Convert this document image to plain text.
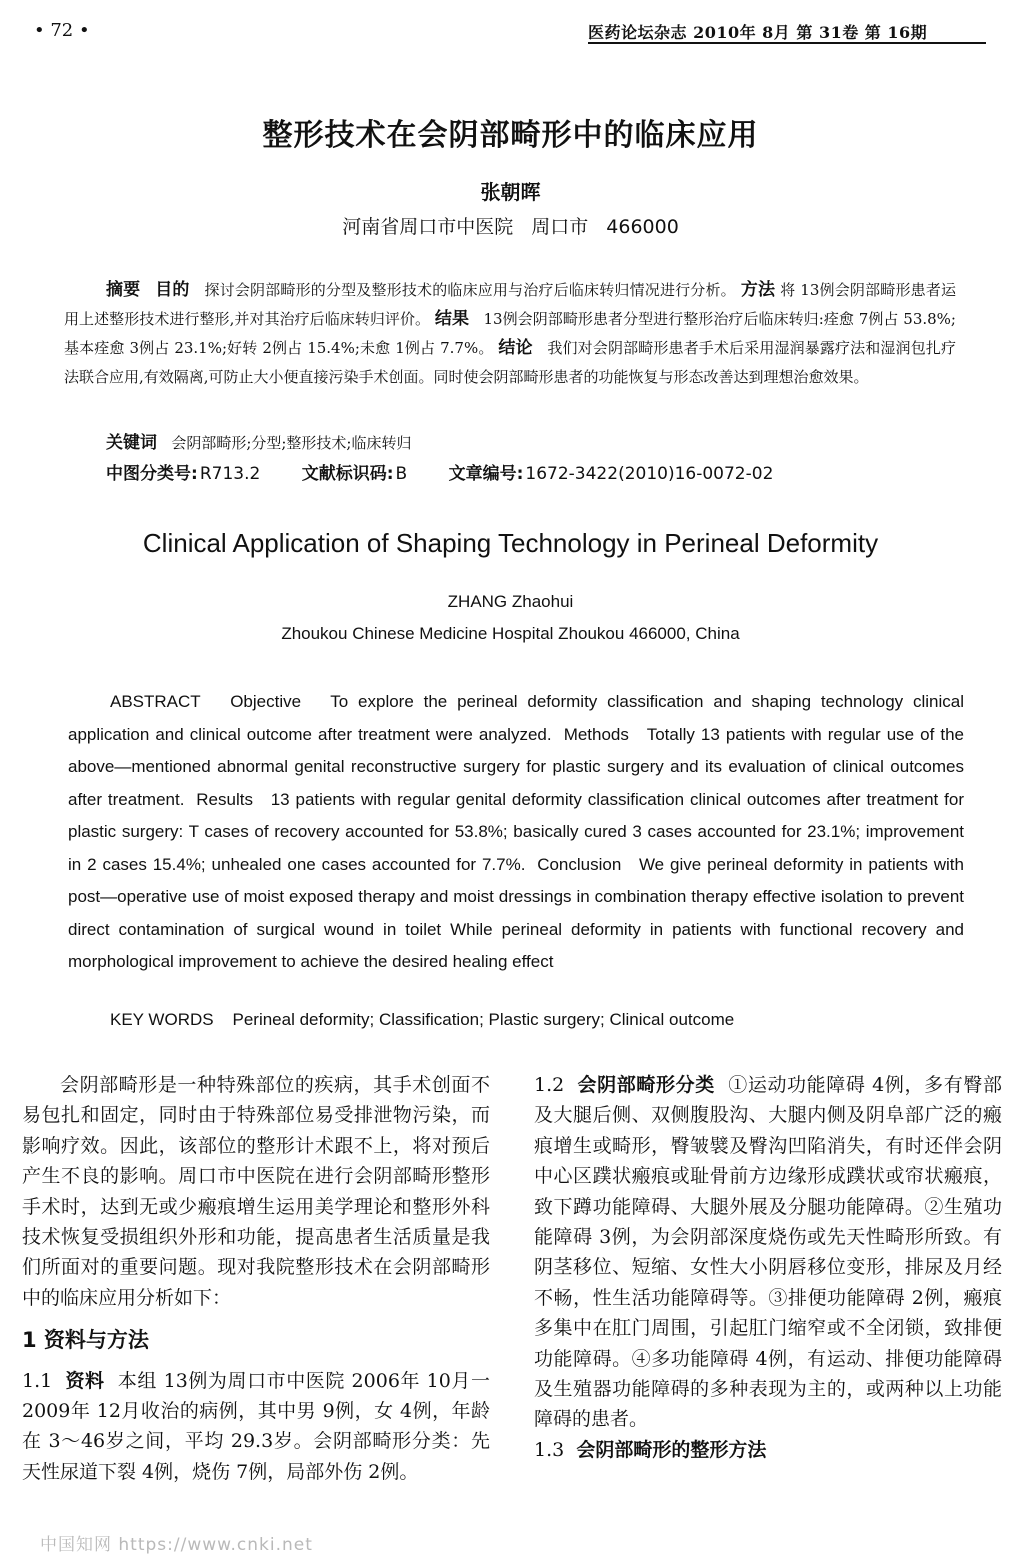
• 72 •	医药论坛杂志 2010年 8月 第 31卷 第 16期
整形技术在会阴部畸形中的临床应用
张朝晖
河南省周口市中医院 周口市 466000
摘要 目的 探讨会阴部畸形的分型及整形技术的临床应用与治疗后临床转归情况进行分析。 方法 将 13例会阴部畸形患者运用上述整形技术进行整形,并对其治疗后临床转归评价。 结果 13例会阴部畸形患者分型进行整形治疗后临床转归:痊愈 7例占 53.8%;基本痊愈 3例占 23.1%;好转 2例占 15.4%;未愈 1例占 7.7%。 结论 我们对会阴部畸形患者手术后采用湿润暴露疗法和湿润包扎疗法联合应用,有效隔离,可防止大小便直接污染手术创面。同时使会阴部畸形患者的功能恢复与形态改善达到理想治愈效果。
关键词 会阴部畸形;分型;整形技术;临床转归
中图分类号: R713.2 文献标识码: B 文章编号: 1672-3422(2010)16-0072-02
Clinical Application of Shaping Technology in Perineal Deformity
ZHANG Zhaohui
Zhoukou Chinese Medicine Hospital Zhoukou 466000, China
ABSTRACT Objective To explore the perineal deformity classification and shaping technology clinical application and clinical outcome after treatment were analyzed. Methods Totally 13 patients with regular use of the above—mentioned abnormal genital reconstructive surgery for plastic surgery and its evaluation of clinical outcomes after treatment. Results 13 patients with regular genital deformity classification clinical outcomes after treatment for plastic surgery: T cases of recovery accounted for 53.8%; basically cured 3 cases accounted for 23.1%; improvement in 2 cases 15.4%; unhealed one cases accounted for 7.7%. Conclusion We give perineal deformity in patients with post—operative use of moist exposed therapy and moist dressings in combination therapy effective isolation to prevent direct contamination of surgical wound in toilet While perineal deformity in patients with functional recovery and morphological improvement to achieve the desired healing effect
KEY WORDS Perineal deformity; Classification; Plastic surgery; Clinical outcome
会阴部畸形是一种特殊部位的疾病，其手术创面不易包扎和固定，同时由于特殊部位易受排泄物污染，而影响疗效。因此，该部位的整形计术跟不上，将对预后产生不良的影响。周口市中医院在进行会阴部畸形整形手术时，达到无或少瘢痕增生运用美学理论和整形外科技术恢复受损组织外形和功能，提高患者生活质量是我们所面对的重要问题。现对我院整形技术在会阴部畸形中的临床应用分析如下：
1 资料与方法
1.1 资料 本组 13例为周口市中医院 2006年 10月一 2009年 12月收治的病例，其中男 9例，女 4例，年龄在 3～46岁之间，平均 29.3岁。会阴部畸形分类：先天性尿道下裂 4例，烧伤 7例，局部外伤 2例。
1.2 会阴部畸形分类 ①运动功能障碍 4例，多有臀部及大腿后侧、双侧腹股沟、大腿内侧及阴阜部广泛的瘢痕增生或畸形，臀皱襞及臀沟凹陷消失，有时还伴会阴中心区蹼状瘢痕或耻骨前方边缘形成蹼状或帘状瘢痕，致下蹲功能障碍、大腿外展及分腿功能障碍。②生殖功能障碍 3例，为会阴部深度烧伤或先天性畸形所致。有阴茎移位、短缩、女性大小阴唇移位变形，排尿及月经不畅，性生活功能障碍等。③排便功能障碍 2例，瘢痕多集中在肛门周围，引起肛门缩窄或不全闭锁，致排便功能障碍。④多功能障碍 4例，有运动、排便功能障碍及生殖器功能障碍的多种表现为主的，或两种以上功能障碍的患者。
1.3 会阴部畸形的整形方法
中国知网 https://www.cnki.net
